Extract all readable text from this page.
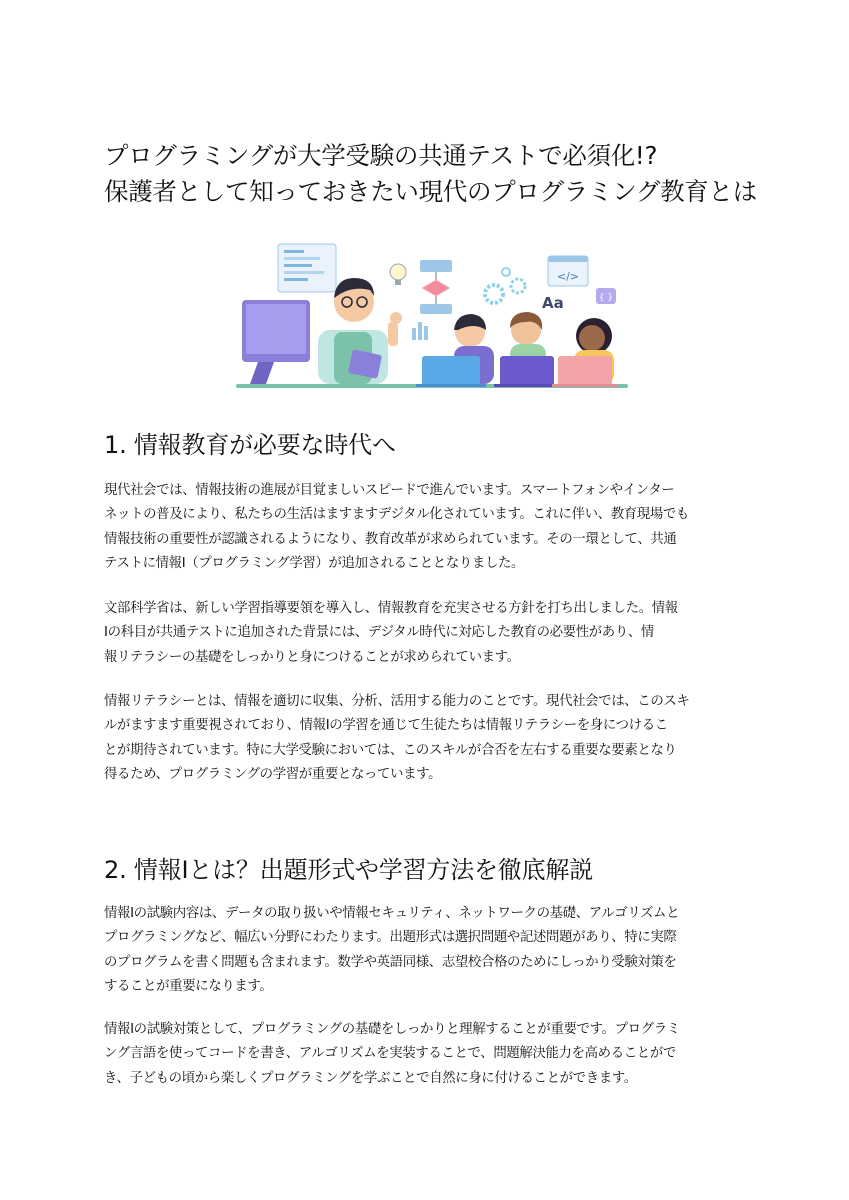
プログラミングが大学受験の共通テストで必須化!?
保護者として知っておきたい現代のプログラミング教育とは
</>
Aa	{ }
1. 情報教育が必要な時代へ

現代社会では、情報技術の進展が目覚ましいスピードで進んでいます。スマートフォンやインター
ネットの普及により、私たちの生活はますますデジタル化されています。これに伴い、教育現場でも
情報技術の重要性が認識されるようになり、教育改革が求められています。その一環として、共通
テストに情報Ⅰ（プログラミング学習）が追加されることとなりました。

文部科学省は、新しい学習指導要領を導入し、情報教育を充実させる方針を打ち出しました。情報
Ⅰの科目が共通テストに追加された背景には、デジタル時代に対応した教育の必要性があり、情
報リテラシーの基礎をしっかりと身につけることが求められています。

情報リテラシーとは、情報を適切に収集、分析、活用する能力のことです。現代社会では、このスキ
ルがますます重要視されており、情報Ⅰの学習を通じて生徒たちは情報リテラシーを身につけるこ
とが期待されています。特に大学受験においては、このスキルが合否を左右する重要な要素となり
得るため、プログラミングの学習が重要となっています。

2. 情報Ⅰとは？出題形式や学習方法を徹底解説

情報Ⅰの試験内容は、データの取り扱いや情報セキュリティ、ネットワークの基礎、アルゴリズムと
プログラミングなど、幅広い分野にわたります。出題形式は選択問題や記述問題があり、特に実際
のプログラムを書く問題も含まれます。数学や英語同様、志望校合格のためにしっかり受験対策を
することが重要になります。

情報Ⅰの試験対策として、プログラミングの基礎をしっかりと理解することが重要です。プログラミ
ング言語を使ってコードを書き、アルゴリズムを実装することで、問題解決能力を高めることがで
き、子どもの頃から楽しくプログラミングを学ぶことで自然に身に付けることができます。
